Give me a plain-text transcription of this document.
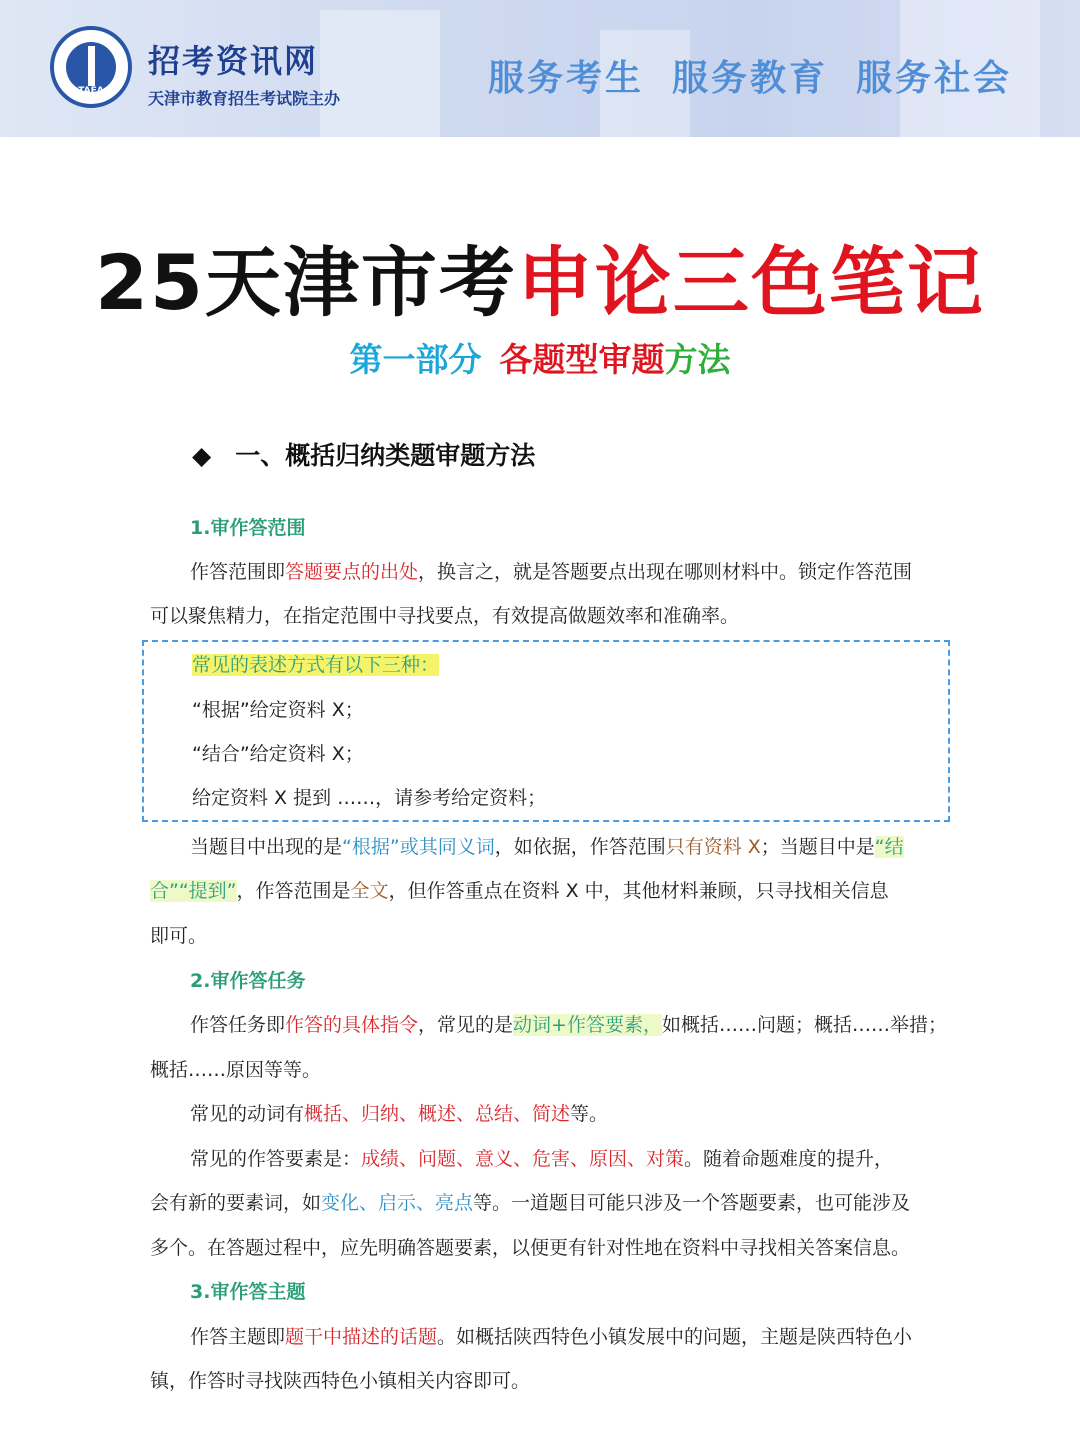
TAEA
招考资讯网
天津市教育招生考试院主办	服务考生 服务教育 服务社会
25天津市考申论三色笔记
第一部分 各题型审题方法
◆ 一、概括归纳类题审题方法
1.审作答范围
作答范围即答题要点的出处，换言之，就是答题要点出现在哪则材料中。锁定作答范围
可以聚焦精力，在指定范围中寻找要点，有效提高做题效率和准确率。
常见的表述方式有以下三种：
“根据”给定资料 X；
“结合”给定资料 X；
给定资料 X 提到 ……，请参考给定资料；
当题目中出现的是“根据”或其同义词，如依据，作答范围只有资料 X；当题目中是“结
合”“提到”，作答范围是全文，但作答重点在资料 X 中，其他材料兼顾，只寻找相关信息
即可。
2.审作答任务
作答任务即作答的具体指令，常见的是动词+作答要素，如概括……问题；概括……举措；
概括……原因等等。
常见的动词有概括、归纳、概述、总结、简述等。
常见的作答要素是：成绩、问题、意义、危害、原因、对策。随着命题难度的提升，
会有新的要素词，如变化、启示、亮点等。一道题目可能只涉及一个答题要素，也可能涉及
多个。在答题过程中，应先明确答题要素，以便更有针对性地在资料中寻找相关答案信息。
3.审作答主题
作答主题即题干中描述的话题。如概括陕西特色小镇发展中的问题，主题是陕西特色小
镇，作答时寻找陕西特色小镇相关内容即可。
